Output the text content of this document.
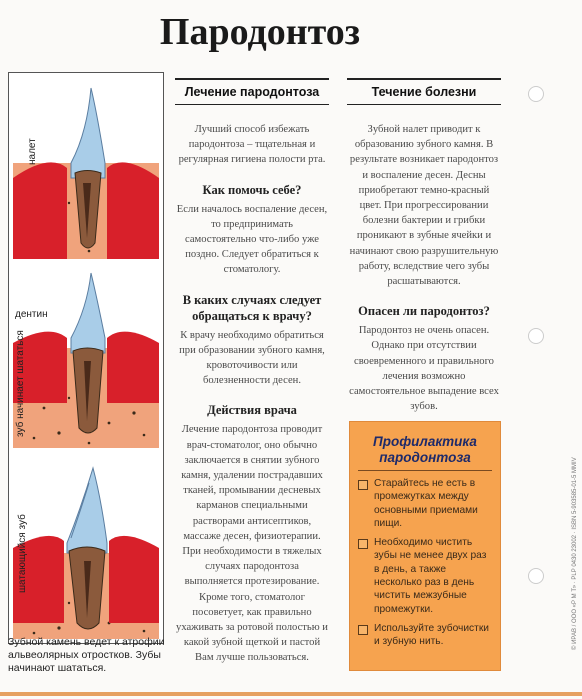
Пародонтоз
налет
дентин
зуб начинает шататься
шатающийся зуб
Зубной камень ведет к атрофии альвеолярных отростков. Зубы начинают шататься.
Лечение пародонтоза

Лучший способ избежать пародонтоза – тщательная и регулярная гигиена полости рта.

Как помочь себе?

Если началось воспаление десен, то предпринимать самостоятельно что-либо уже поздно. Следует обратиться к стоматологу.

В каких случаях следует обращаться к врачу?

К врачу необходимо обратиться при образовании зубного камня, кровоточивости или болезненности десен.

Действия врача

Лечение пародонтоза проводит врач-стоматолог, оно обычно заключается в снятии зубного камня, удалении пострадавших тканей, промывании десневых карманов специальными растворами антисептиков, массаже десен, физиотерапии. При необходимости в тяжелых случаях пародонтоза выполняется протезирование. Кроме того, стоматолог посоветует, как правильно ухаживать за ротовой полостью и какой зубной щеткой и пастой Вам лучше пользоваться.

Течение болезни

Зубной налет приводит к образованию зубного камня. В результате возникает пародонтоз и воспаление десен. Десны приобретают темно-красный цвет. При прогрессировании болезни бактерии и грибки проникают в зубные ячейки и начинают свою разрушительную работу, вследствие чего зубы расшатываются.

Опасен ли пародонтоз?

Пародонтоз не очень опасен. Однако при отсутствии своевременного и правильного лечения возможно самостоятельное выпадение всех зубов.

Профилактика пародонтоза
Старайтесь не есть в промежутках между основными приемами пищи.
Необходимо чистить зубы не менее двух раз в день, а также несколько раз в день чистить межзубные промежутки.
Используйте зубочистки и зубную нить.	© ИРАВ / ООО «Р М Т» · PLP 0430 23002 · ISBN 5-903585-01-5 MMIV
